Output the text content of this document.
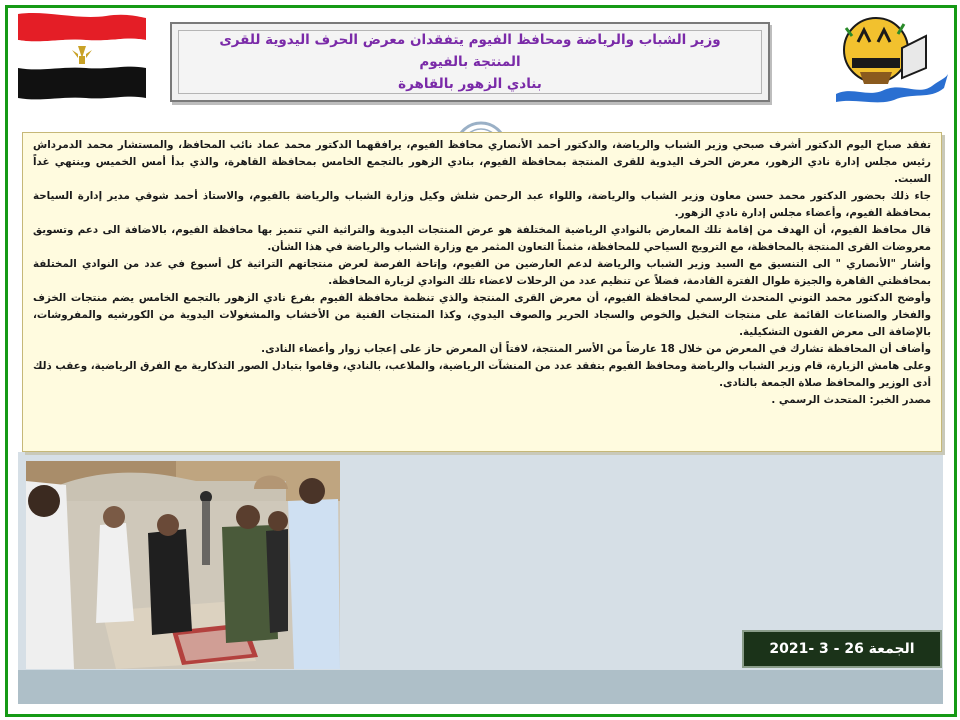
وزير الشباب والرياضة ومحافظ الفيوم يتفقدان معرض الحرف اليدوية للقرى المنتجة بالفيوم
بنادي الزهور بالقاهرة

تفقد صباح اليوم الدكتور أشرف صبحي وزير الشباب والرياضة، والدكتور أحمد الأنصاري محافظ الفيوم، يرافقهما الدكتور محمد عماد نائب المحافظ، والمستشار محمد الدمرداش رئيس مجلس إدارة نادي الزهور، معرض الحرف اليدوية للقرى المنتجة بمحافظة الفيوم، بنادي الزهور بالتجمع الخامس بمحافظة القاهرة، والذي بدأ أمس الخميس وينتهي غداً السبت.

جاء ذلك بحضور الدكتور محمد حسن معاون وزير الشباب والرياضة، واللواء عبد الرحمن شلش وكيل وزارة الشباب والرياضة بالفيوم، والاستاذ أحمد شوقي مدير إدارة السياحة بمحافظة الفيوم، وأعضاء مجلس إدارة نادي الزهور.

قال محافظ الفيوم، أن الهدف من إقامة تلك المعارض بالنوادي الرياضية المختلفة هو عرض المنتجات اليدوية والتراثية التي تتميز بها محافظة الفيوم، بالاضافة الى دعم وتسويق معروضات القرى المنتجة بالمحافظة، مع الترويج السياحي للمحافظة، مثمناً التعاون المثمر مع وزارة الشباب والرياضة في هذا الشأن.

وأشار "الأنصاري " الى التنسيق مع السيد وزير الشباب والرياضة لدعم العارضين من الفيوم، وإتاحة الفرصة لعرض منتجاتهم التراثية كل أسبوع في عدد من النوادي المختلفة بمحافظتي القاهرة والجيزة طوال الفترة القادمة، فضلاً عن تنظيم عدد من الرحلات لاعضاء تلك النوادي لزيارة المحافظة.

وأوضح الدكتور محمد التوني المتحدث الرسمي لمحافظة الفيوم، أن معرض القرى المنتجة والذي تنظمة محافظة الفيوم بفرع نادي الزهور بالتجمع الخامس يضم منتجات الخزف والفخار والصناعات القائمة على منتجات النخيل والخوص والسجاد الحرير والصوف اليدوي، وكذا المنتجات الفنية من الأخشاب والمشغولات اليدوية من الكورشيه والمفروشات، بالإضافة الى معرض الفنون التشكيلية.

وأضاف أن المحافظة تشارك في المعرض من خلال 18 عارضاً من الأسر المنتجة، لافتاً أن المعرض حاز على إعجاب زوار وأعضاء النادى.

وعلى هامش الزيارة، قام وزير الشباب والرياضة ومحافظ الفيوم بتفقد عدد من المنشآت الرياضية، والملاعب، بالنادي، وقاموا بتبادل الصور التذكارية مع الفرق الرياضية، وعقب ذلك أدى الوزير والمحافظ صلاة الجمعة بالنادى.

مصدر الخبر: المتحدث الرسمي .

الجمعة 26 - 3 -2021
